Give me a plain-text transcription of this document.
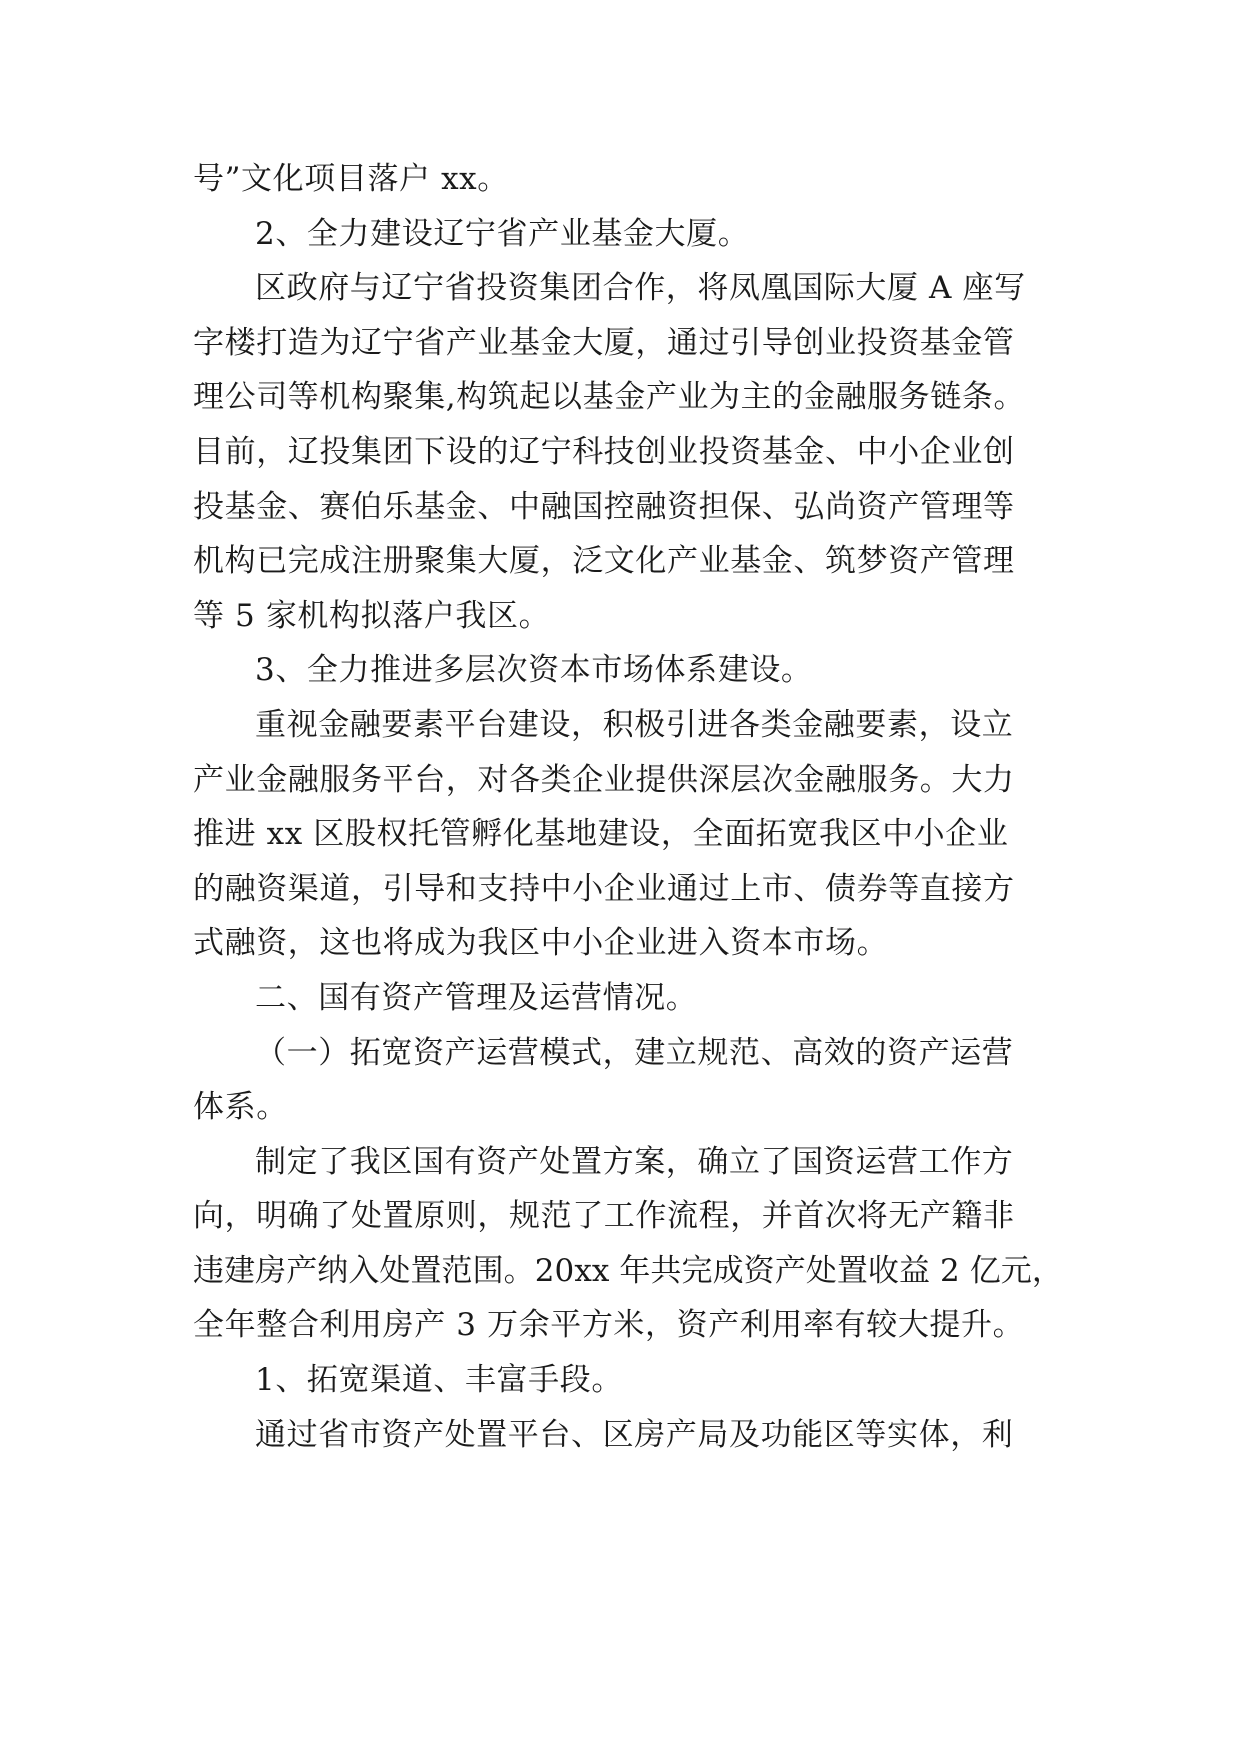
号”文化项目落户 xx。
2、全力建设辽宁省产业基金大厦。
区政府与辽宁省投资集团合作，将凤凰国际大厦 A 座写
字楼打造为辽宁省产业基金大厦，通过引导创业投资基金管
理公司等机构聚集,构筑起以基金产业为主的金融服务链条。
目前，辽投集团下设的辽宁科技创业投资基金、中小企业创
投基金、赛伯乐基金、中融国控融资担保、弘尚资产管理等
机构已完成注册聚集大厦，泛文化产业基金、筑梦资产管理
等 5 家机构拟落户我区。
3、全力推进多层次资本市场体系建设。
重视金融要素平台建设，积极引进各类金融要素，设立
产业金融服务平台，对各类企业提供深层次金融服务。大力
推进 xx 区股权托管孵化基地建设，全面拓宽我区中小企业
的融资渠道，引导和支持中小企业通过上市、债券等直接方
式融资，这也将成为我区中小企业进入资本市场。
二、国有资产管理及运营情况。
（一）拓宽资产运营模式，建立规范、高效的资产运营
体系。
制定了我区国有资产处置方案，确立了国资运营工作方
向，明确了处置原则，规范了工作流程，并首次将无产籍非
违建房产纳入处置范围。20xx 年共完成资产处置收益 2 亿元，
全年整合利用房产 3 万余平方米，资产利用率有较大提升。
1、拓宽渠道、丰富手段。
通过省市资产处置平台、区房产局及功能区等实体，利
